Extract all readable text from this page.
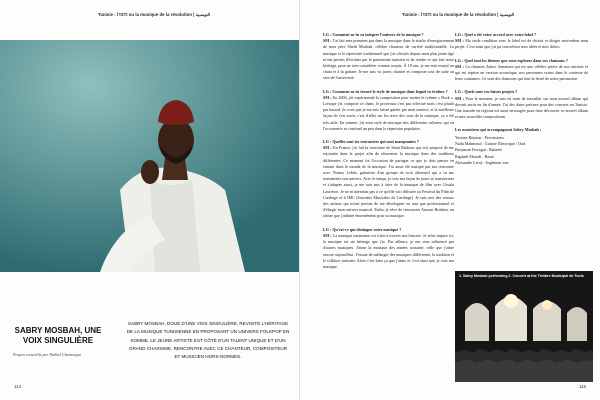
Tunisie : l'ISTI ou la musique de la révolution | التونسية
SABRY MOSBAH, UNE VOIX SINGULIÈRE
Propos recueillis par Nidhal Chemengui
SABRY MOSBAH, DOUÉ D'UNE VOIX SINGULIÈRE, REVISITE L'HÉRITAGE DE LA MUSIQUE TUNISIENNE EN PROPOSANT UN UNIVERS FOLKPOP EN SOMME. LE JEUNE ARTISTE EST CÔTÉ D'UN TALENT UNIQUE ET D'UN GRAND CHARISME. RENCONTRE AVEC CE CHANTEUR, COMPOSITEUR ET MUSICIEN HORS-NORMES.
114
Tunisie : l'ISTI ou la musique de la révolution | التونسية
115
LG : Comment as-tu su intégrer l'univers de la musique ?
SM : J'ai fait mes premiers pas dans la musique dans le studio d'enregistrement de mon père Sheik Mosbah, célèbre chanteur de variété traditionnelle. La musique et le répertoire traditionnel que j'ai côtoyés depuis mon plus jeune âge m'ont permis d'évoluer par le patrimoine tunisien et de rendre ce qui fait notre héritage, pour ne rien considérer comme acquis. À 18 ans, je me suis essayé au chant et à la guitare. Je me suis vu jouer, chanter et composer tout de suite au sein de l'université.
LG : Comment as-tu trouvé le style de musique dans lequel tu évolues ?
SM : En 2006, j'ai expérimenté la composition pour mettre le rythme « Rock ». Lorsque j'ai composé ce chant, le processus s'est pas effectué mais c'est plutôt par hasard. Je crois que je me suis laissé guider par mon instinct, et la meilleure façon de s'en sortir, c'est d'aller sur les rives des sons de la musique, ça a été très utile. En somme, j'ai mon style de musique des différentes cultures, qui en l'occurrence se confond un peu dans le répertoire populaire.
LG : Quelles sont tes rencontres qui sont marquantes ?
SM : En France, j'ai fait la rencontre de Saint Barbons qui m'a proposé de me rejoindre dans le projet afin de réinventer la musique dans des traditions différentes. Ce moment fut l'occasion de partager ce que je dois penser en entrant dans le monde de la musique. J'ai aussi été marqué par ma rencontre avec Vianny Lebbe, guitariste d'un groupe de rock alternatif qui a su me transmettre son univers. Avec le temps, je vois ma façon de jouer se transformer et s'adapter aussi, je me suis mis à faire de la musique de film avec Ursula Laurence. Je ne m'attendais pas à ce qu'elle soit diffusée au Festival du Film de Carthage et à JMC (Journées Musicales de Carthage). Je suis ravi des retours des artistes qui m'ont permis de me développer en tant que professionnel et d'élargir mon univers musical. Enfin, je rêve de rencontrer Anouar Brahem, un artiste que j'admire énormément pour sa musique.
LG : Qu'est-ce qui distingue votre musique ?
SM : La musique tunisienne est riche à travers son histoire. Je m'en inspire ici, la musique est un héritage que j'ai. Par ailleurs, je me sens influencé par d'autres musiques. J'aime la musique des années soixante, celle que j'aime encore aujourd'hui. J'essaie de mélanger des musiques différentes, la tradition et le folklore tunisien. Alors c'est bien ça que j'aime et c'est ainsi que je vois ma musique.
LG : Quel a été votre accord avec votre label ?
SM : Ma seule condition avec le label est de choisir et diriger moi-même mon projet. C'est ainsi que j'ai pu concrétiser mes idées et mes désirs.
LG : Quel sont les thèmes que vous explorez dans vos chansons ?
SM : La chanson Zahra, Sanatona qui est une célèbre prière de nos anciens et qui est reprise en version acoustique, nos personnes vraies dans le contexte de leurs coutumes. Ce sont des chansons qui font la fierté de notre patrimoine.
LG : Quels sont vos futurs projets ?
SM : Pour le moment, je suis en train de travailler sur mon nouvel album qui devrait sortir en fin d'année. J'ai des dates prévues pour des concerts en Tunisie. Une tournée en régions est aussi envisagée pour faire découvrir ce nouvel album et mes nouvelles compositions.
Les musiciens qui accompagnent Sabry Mosbah :
Yassine Bejaoui : Percussions
Nada Mahmoud : Guitare Électrique / Oud
Benjamin Ferragut : Batterie
Raphaël Ebondi : Basse
Alexandre Leroy : Ingénieur son
1. Sabry Mosbah performing 2. Concert at the Théâtre Municipal de Tunis
